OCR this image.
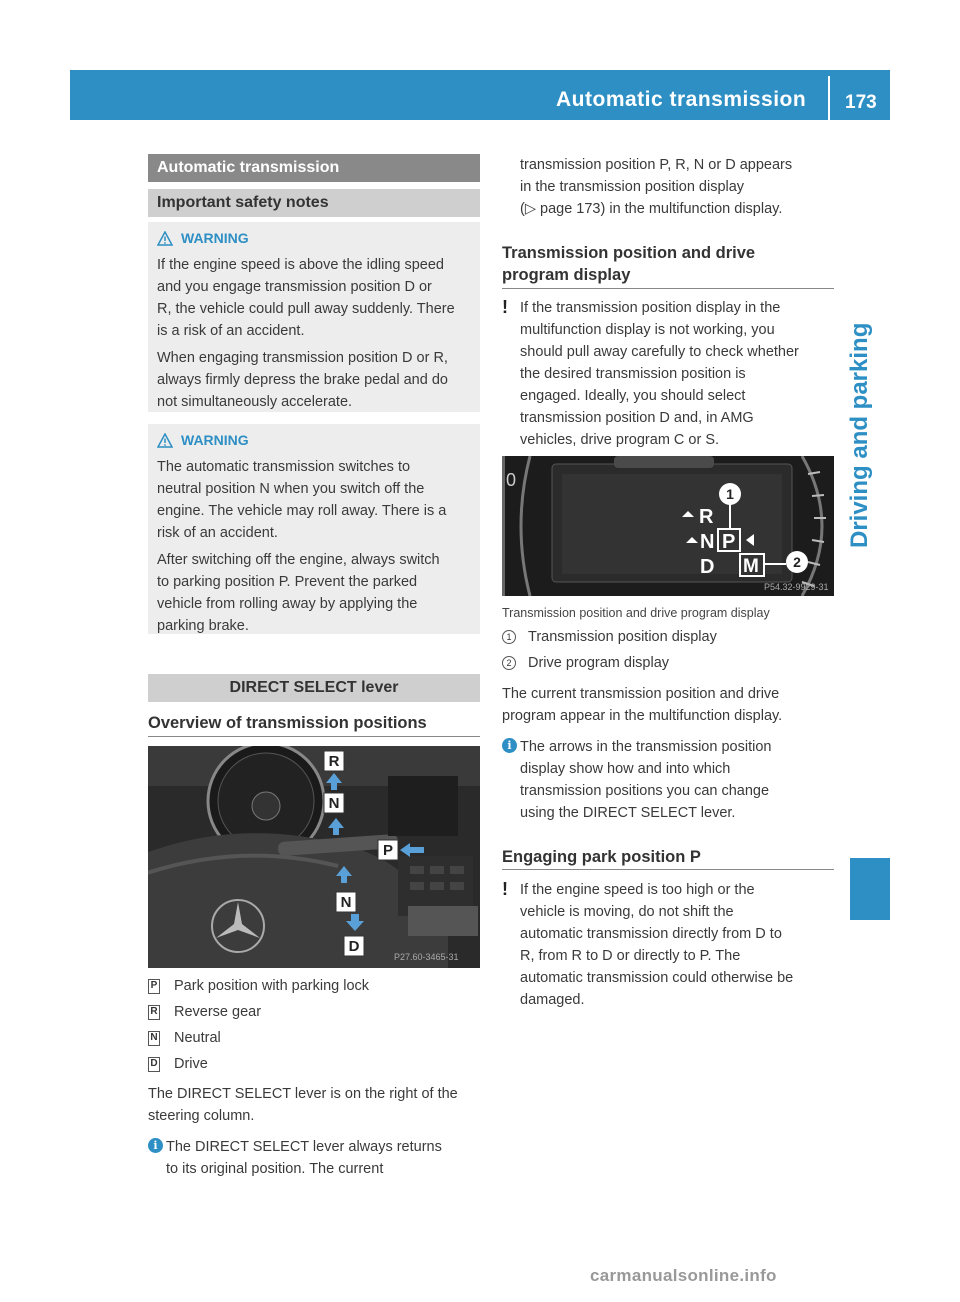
Automatic transmission 173
Driving and parking
Automatic transmission
Important safety notes
WARNING
If the engine speed is above the idling speed
and you engage transmission position D or
R, the vehicle could pull away suddenly. There
is a risk of an accident.
When engaging transmission position D or R,
always firmly depress the brake pedal and do
not simultaneously accelerate.
WARNING
The automatic transmission switches to
neutral position N when you switch off the
engine. The vehicle may roll away. There is a
risk of an accident.
After switching off the engine, always switch
to parking position P. Prevent the parked
vehicle from rolling away by applying the
parking brake.
DIRECT SELECT lever
Overview of transmission positions
R
N
P
N
D
P27.60-3465-31
P Park position with parking lock
R Reverse gear
N Neutral
D Drive
The DIRECT SELECT lever is on the right of the
steering column.
i The DIRECT SELECT lever always returns
to its original position. The current
transmission position P, R, N or D appears
in the transmission position display
(▷ page 173) in the multifunction display.
Transmission position and drive
program display
! If the transmission position display in the
multifunction display is not working, you
should pull away carefully to check whether
the desired transmission position is
engaged. Ideally, you should select
transmission position D and, in AMG
vehicles, drive program C or S.
0
R
N P
D M
1
2
P54.32-9929-31
Transmission position and drive program display
1	Transmission position display
2	Drive program display
The current transmission position and drive
program appear in the multifunction display.
i The arrows in the transmission position
display show how and into which
transmission positions you can change
using the DIRECT SELECT lever.
Engaging park position P
! If the engine speed is too high or the
vehicle is moving, do not shift the
automatic transmission directly from D to
R, from R to D or directly to P. The
automatic transmission could otherwise be
damaged.
carmanualsonline.info
